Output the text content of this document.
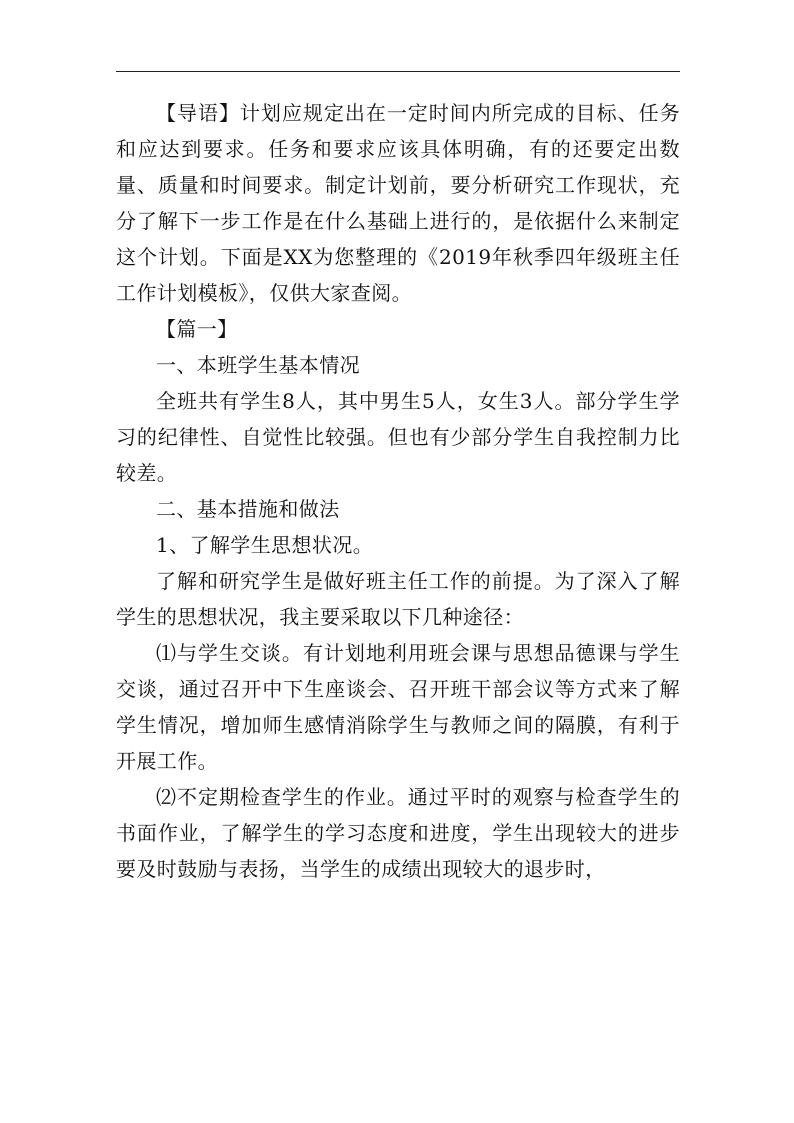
【导语】计划应规定出在一定时间内所完成的目标、任务和应达到要求。任务和要求应该具体明确，有的还要定出数量、质量和时间要求。制定计划前，要分析研究工作现状，充分了解下一步工作是在什么基础上进行的，是依据什么来制定这个计划。下面是XX为您整理的《2019年秋季四年级班主任工作计划模板》，仅供大家查阅。

【篇一】

一、本班学生基本情况

全班共有学生8人，其中男生5人，女生3人。部分学生学习的纪律性、自觉性比较强。但也有少部分学生自我控制力比较差。

二、基本措施和做法

1、了解学生思想状况。

了解和研究学生是做好班主任工作的前提。为了深入了解学生的思想状况，我主要采取以下几种途径：

⑴与学生交谈。有计划地利用班会课与思想品德课与学生交谈，通过召开中下生座谈会、召开班干部会议等方式来了解学生情况，增加师生感情消除学生与教师之间的隔膜，有利于开展工作。

⑵不定期检查学生的作业。通过平时的观察与检查学生的书面作业，了解学生的学习态度和进度，学生出现较大的进步要及时鼓励与表扬，当学生的成绩出现较大的退步时，
